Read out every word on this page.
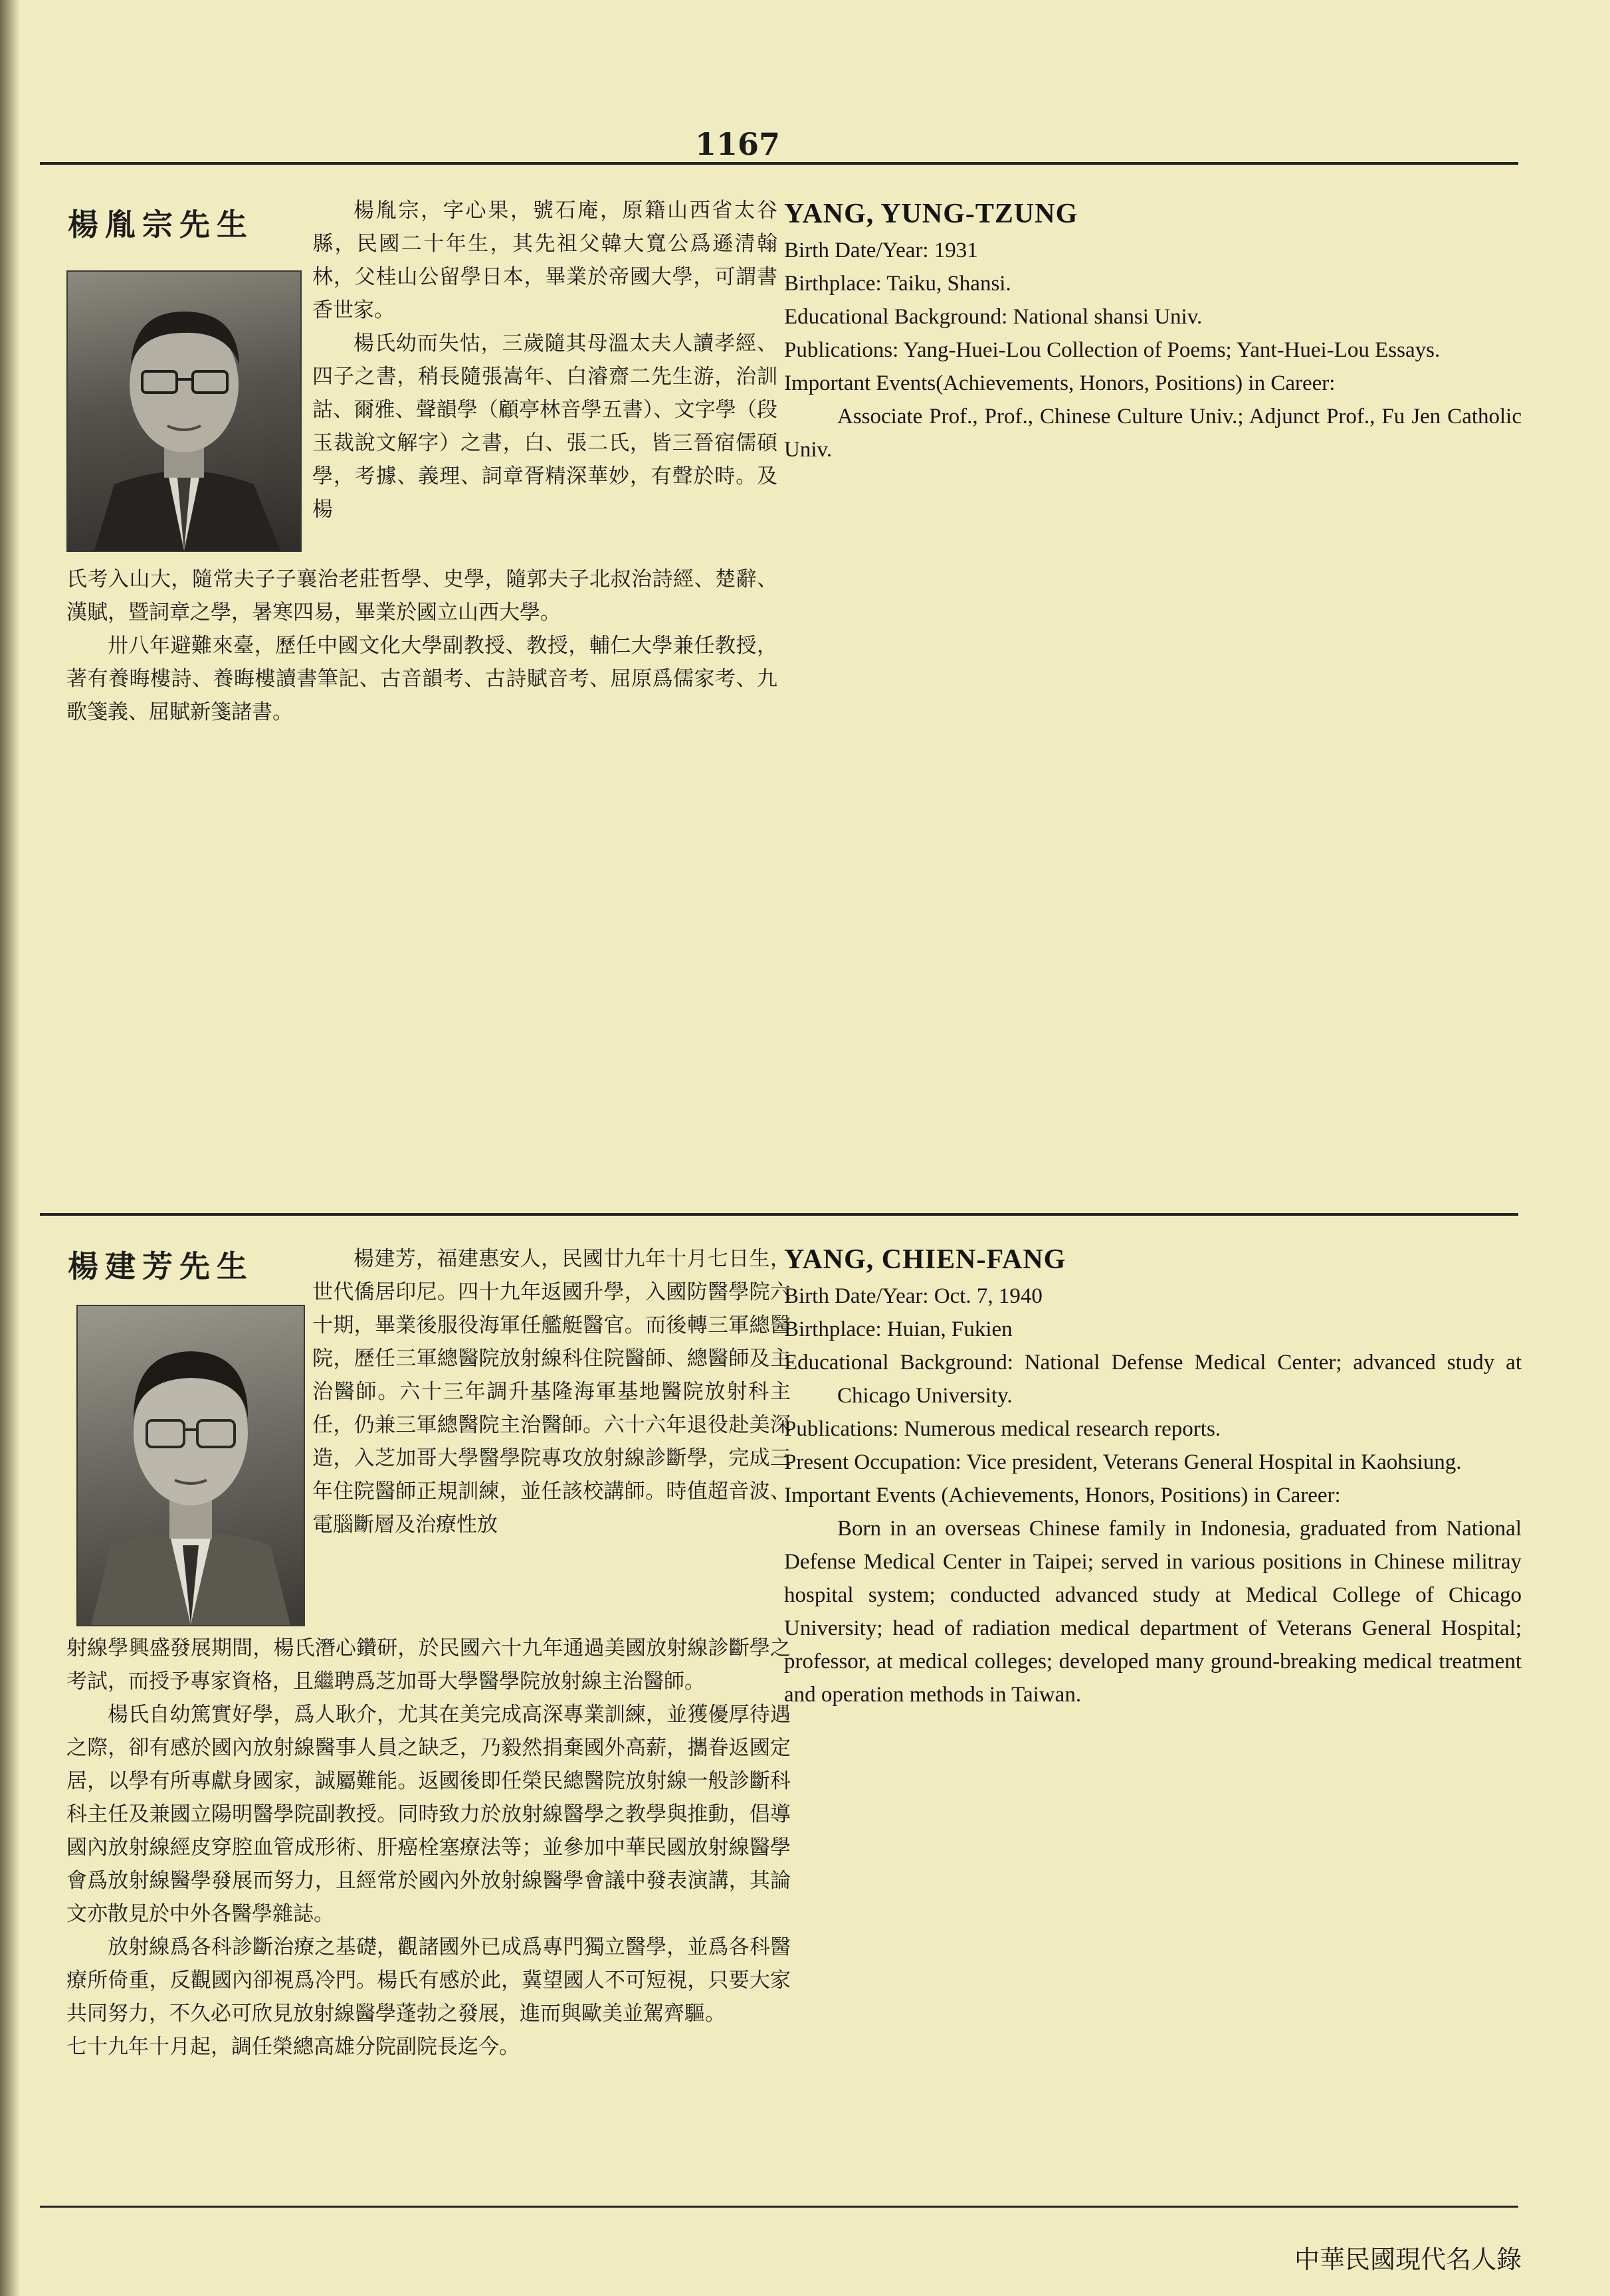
1167
楊胤宗先生	楊胤宗，字心果，號石庵，原籍山西省太谷縣，民國二十年生，其先祖父韓大寬公爲遜清翰林，父桂山公留學日本，畢業於帝國大學，可謂書香世家。

楊氏幼而失怙，三歲隨其母溫太夫人讀孝經、四子之書，稍長隨張嵩年、白濬齋二先生游，治訓詁、爾雅、聲韻學（顧亭林音學五書）、文字學（段玉裁說文解字）之書，白、張二氏，皆三晉宿儒碩學，考據、義理、詞章胥精深華妙，有聲於時。及楊

氏考入山大，隨常夫子子襄治老莊哲學、史學，隨郭夫子北叔治詩經、楚辭、漢賦，暨詞章之學，暑寒四易，畢業於國立山西大學。

卅八年避難來臺，歷任中國文化大學副教授、教授，輔仁大學兼任教授，著有養晦樓詩、養晦樓讀書筆記、古音韻考、古詩賦音考、屈原爲儒家考、九歌箋義、屈賦新箋諸書。

YANG, YUNG-TZUNG

Birth Date/Year: 1931

Birthplace: Taiku, Shansi.

Educational Background: National shansi Univ.

Publications: Yang-Huei-Lou Collection of Poems; Yant-Huei-Lou Essays.

Important Events(Achievements, Honors, Positions) in Career:

Associate Prof., Prof., Chinese Culture Univ.; Adjunct Prof., Fu Jen Catholic Univ.

楊建芳先生	楊建芳，福建惠安人，民國廿九年十月七日生，世代僑居印尼。四十九年返國升學，入國防醫學院六十期，畢業後服役海軍任艦艇醫官。而後轉三軍總醫院，歷任三軍總醫院放射線科住院醫師、總醫師及主治醫師。六十三年調升基隆海軍基地醫院放射科主任，仍兼三軍總醫院主治醫師。六十六年退役赴美深造，入芝加哥大學醫學院專攻放射線診斷學，完成三年住院醫師正規訓練，並任該校講師。時值超音波、電腦斷層及治療性放

射線學興盛發展期間，楊氏潛心鑽研，於民國六十九年通過美國放射線診斷學之考試，而授予專家資格，且繼聘爲芝加哥大學醫學院放射線主治醫師。

楊氏自幼篤實好學，爲人耿介，尤其在美完成高深專業訓練，並獲優厚待遇之際，卻有感於國內放射線醫事人員之缺乏，乃毅然捐棄國外高薪，攜眷返國定居，以學有所專獻身國家，誠屬難能。返國後即任榮民總醫院放射線一般診斷科科主任及兼國立陽明醫學院副教授。同時致力於放射線醫學之教學與推動，倡導國內放射線經皮穿腔血管成形術、肝癌栓塞療法等；並參加中華民國放射線醫學會爲放射線醫學發展而努力，且經常於國內外放射線醫學會議中發表演講，其論文亦散見於中外各醫學雜誌。

放射線爲各科診斷治療之基礎，觀諸國外已成爲專門獨立醫學，並爲各科醫療所倚重，反觀國內卻視爲冷門。楊氏有感於此，冀望國人不可短視，只要大家共同努力，不久必可欣見放射線醫學蓬勃之發展，進而與歐美並駕齊驅。

七十九年十月起，調任榮總高雄分院副院長迄今。

YANG, CHIEN-FANG

Birth Date/Year: Oct. 7, 1940

Birthplace: Huian, Fukien

Educational Background: National Defense Medical Center; advanced study at Chicago University.

Publications: Numerous medical research reports.

Present Occupation: Vice president, Veterans General Hospital in Kaohsiung.

Important Events (Achievements, Honors, Positions) in Career:

Born in an overseas Chinese family in Indonesia, graduated from National Defense Medical Center in Taipei; served in various positions in Chinese militray hospital system; conducted advanced study at Medical College of Chicago University; head of radiation medical department of Veterans General Hospital; professor, at medical colleges; developed many ground-breaking medical treatment and operation methods in Taiwan.

中華民國現代名人錄
